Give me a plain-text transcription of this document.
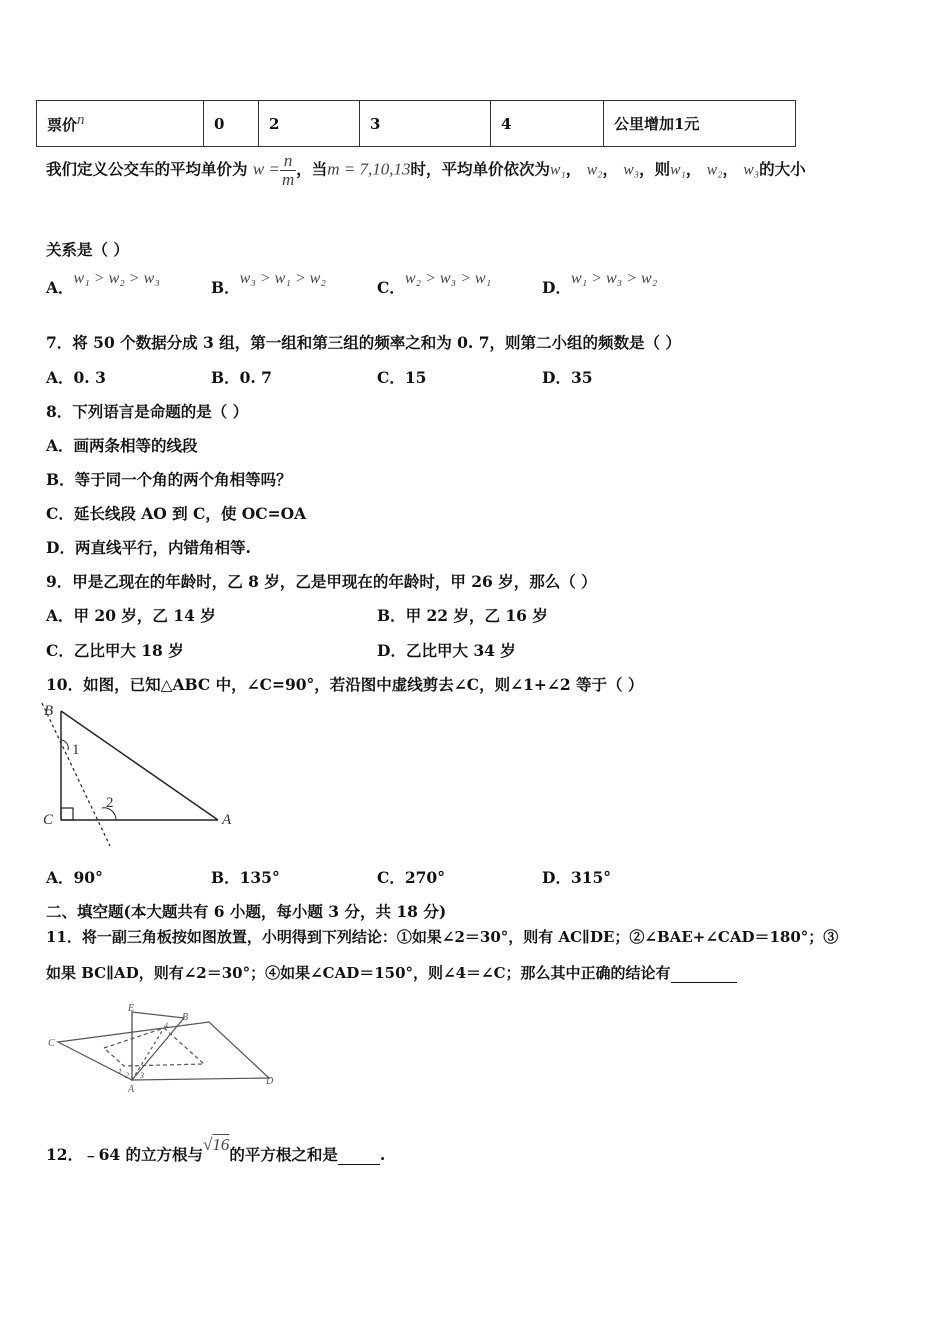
票价$^n$	0	2	3	4	公里增加1元
我们定义公交车的平均单价为 $w = \frac{n}{m}$ ，当m = 7,10,13时，平均单价依次为w₁， w₂， w₃，则w₁， w₂， w₃的大小
关系是（ ）
A．w₁ > w₂ > w₃	B．w₃ > w₁ > w₂	C．w₂ > w₃ > w₁	D．w₁ > w₃ > w₂
7．将 50 个数据分成 3 组，第一组和第三组的频率之和为 0. 7，则第二小组的频数是（ ）
A．0. 3	B．0. 7	C．15	D．35
8．下列语言是命题的是（ ）
A．画两条相等的线段
B．等于同一个角的两个角相等吗？
C．延长线段 AO 到 C，使 OC=OA
D．两直线平行，内错角相等.
9．甲是乙现在的年龄时，乙 8 岁，乙是甲现在的年龄时，甲 26 岁，那么（ ）
A．甲 20 岁，乙 14 岁	B．甲 22 岁，乙 16 岁
C．乙比甲大 18 岁	D．乙比甲大 34 岁
10．如图，已知△ABC 中，∠C=90°，若沿图中虚线剪去∠C，则∠1+∠2 等于（ ）
B
C	A
1
2
A．90°	B．135°	C．270°	D．315°
二、填空题(本大题共有 6 小题，每小题 3 分，共 18 分)
11．将一副三角板按如图放置，小明得到下列结论：①如果∠2＝30°，则有 AC∥DE；②∠BAE+∠CAD＝180°；③
如果 BC∥AD，则有∠2＝30°；④如果∠CAD＝150°，则∠4＝∠C；那么其中正确的结论有
C
E
B
D
A
1 2 3
4
12．﹣64 的立方根与√16的平方根之和是	.
